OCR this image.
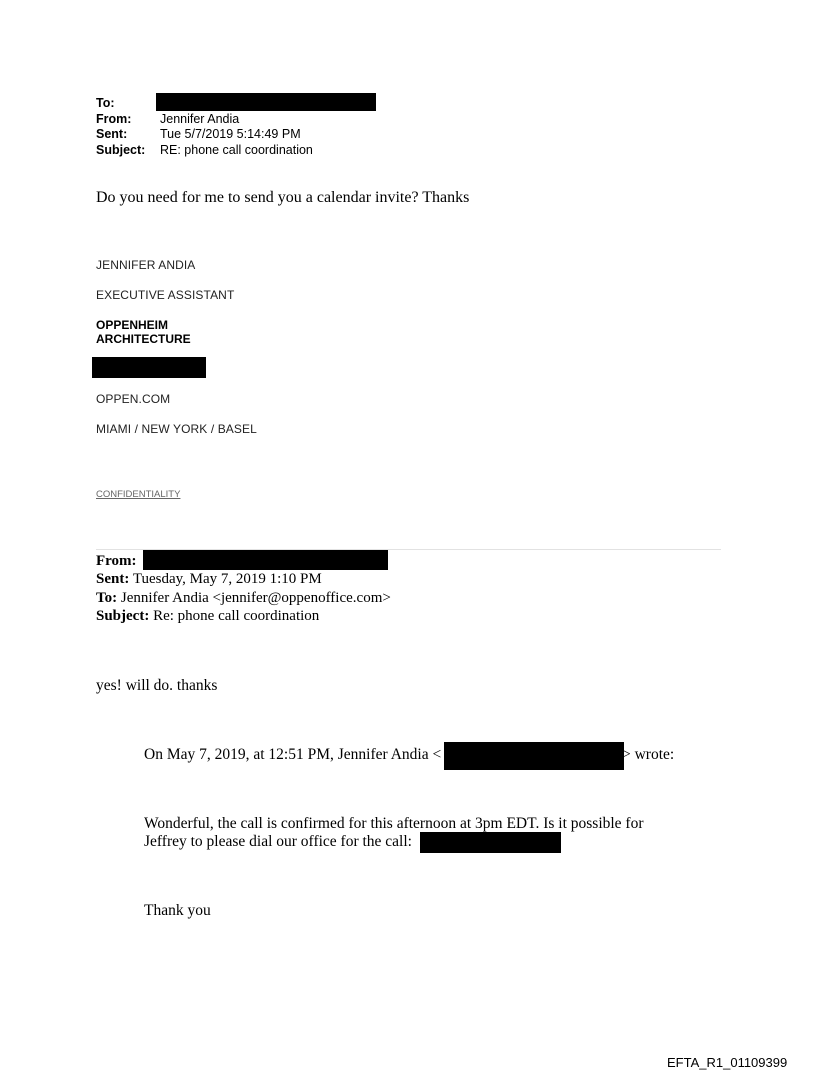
To:
From: Jennifer Andia
Sent:	Tue 5/7/2019 5:14:49 PM
Subject: RE: phone call coordination
Do you need for me to send you a calendar invite? Thanks
JENNIFER ANDIA
EXECUTIVE ASSISTANT
OPPENHEIM
ARCHITECTURE
OPPEN.COM
MIAMI / NEW YORK / BASEL
CONFIDENTIALITY
From:
Sent: Tuesday, May 7, 2019 1:10 PM
To: Jennifer Andia <jennifer@oppenoffice.com>
Subject: Re: phone call coordination
yes! will do. thanks
On May 7, 2019, at 12:51 PM, Jennifer Andia <	> wrote:
Wonderful, the call is confirmed for this afternoon at 3pm EDT. Is it possible for
Jeffrey to please dial our office for the call:
Thank you
EFTA_R1_01109399
